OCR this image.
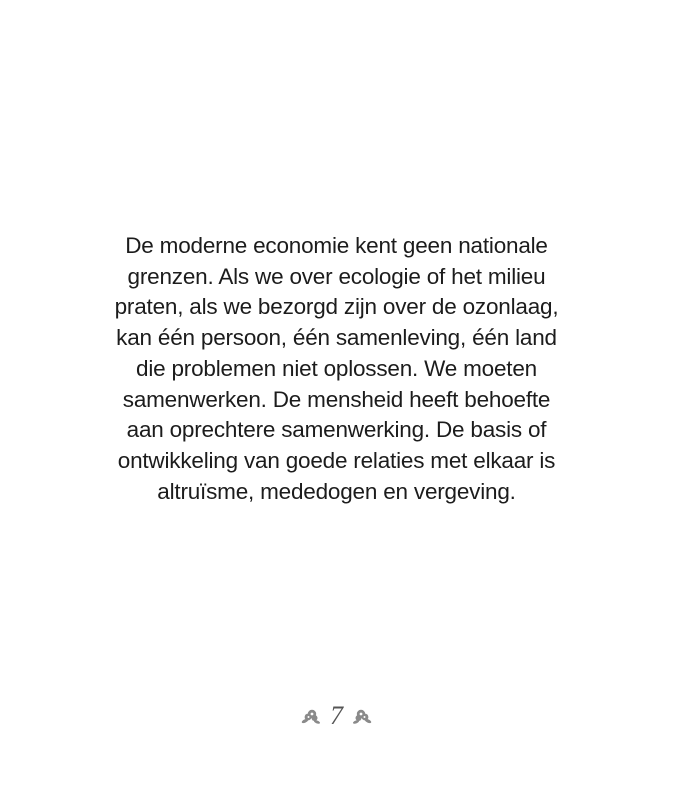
De moderne economie kent geen nationale
grenzen. Als we over ecologie of het milieu
praten, als we bezorgd zijn over de ozonlaag,
kan één persoon, één samenleving, één land
die problemen niet oplossen. We moeten
samenwerken. De mensheid heeft behoefte
aan oprechtere samenwerking. De basis of
ontwikkeling van goede relaties met elkaar is
altruïsme, mededogen en vergeving.
7
